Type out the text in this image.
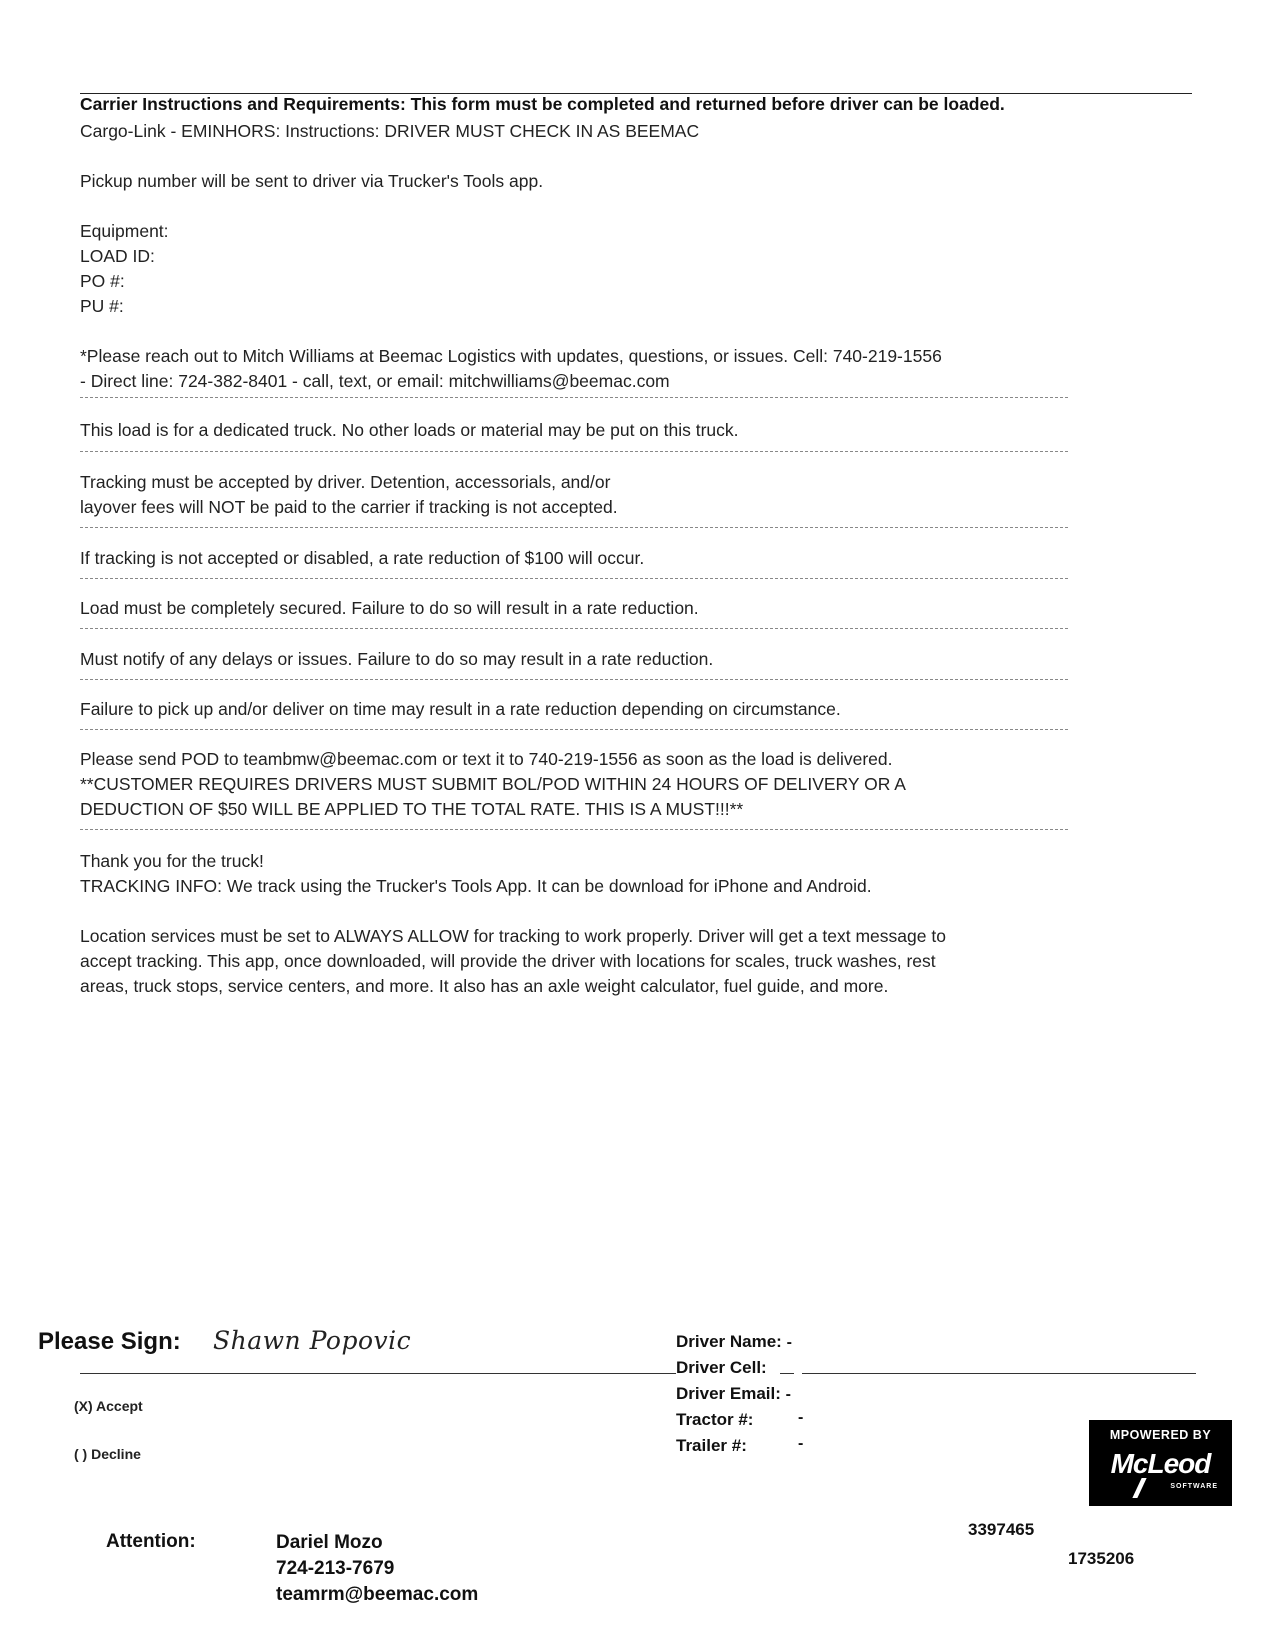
Carrier Instructions and Requirements: This form must be completed and returned before driver can be loaded.
Cargo-Link - EMINHORS: Instructions: DRIVER MUST CHECK IN AS BEEMAC
Pickup number will be sent to driver via Trucker's Tools app.
Equipment:
LOAD ID:
PO #:
PU #:
*Please reach out to Mitch Williams at Beemac Logistics with updates, questions, or issues. Cell: 740-219-1556
- Direct line: 724-382-8401 - call, text, or email: mitchwilliams@beemac.com
This load is for a dedicated truck. No other loads or material may be put on this truck.
Tracking must be accepted by driver. Detention, accessorials, and/or
layover fees will NOT be paid to the carrier if tracking is not accepted.
If tracking is not accepted or disabled, a rate reduction of $100 will occur.
Load must be completely secured. Failure to do so will result in a rate reduction.
Must notify of any delays or issues. Failure to do so may result in a rate reduction.
Failure to pick up and/or deliver on time may result in a rate reduction depending on circumstance.
Please send POD to teambmw@beemac.com or text it to 740-219-1556 as soon as the load is delivered.
**CUSTOMER REQUIRES DRIVERS MUST SUBMIT BOL/POD WITHIN 24 HOURS OF DELIVERY OR A
DEDUCTION OF $50 WILL BE APPLIED TO THE TOTAL RATE. THIS IS A MUST!!!**
Thank you for the truck!
TRACKING INFO: We track using the Trucker's Tools App. It can be download for iPhone and Android.
Location services must be set to ALWAYS ALLOW for tracking to work properly. Driver will get a text message to
accept tracking. This app, once downloaded, will provide the driver with locations for scales, truck washes, rest
areas, truck stops, service centers, and more. It also has an axle weight calculator, fuel guide, and more.
Please Sign: Shawn Popovic
(X) Accept
( ) Decline
Driver Name: -
Driver Cell:
Driver Email: -
Tractor #:	-
Trailer #:	-	MPOWERED BY
McLeod
SOFTWARE
Attention:	Dariel Mozo
724-213-7679
teamrm@beemac.com
3397465
1735206
